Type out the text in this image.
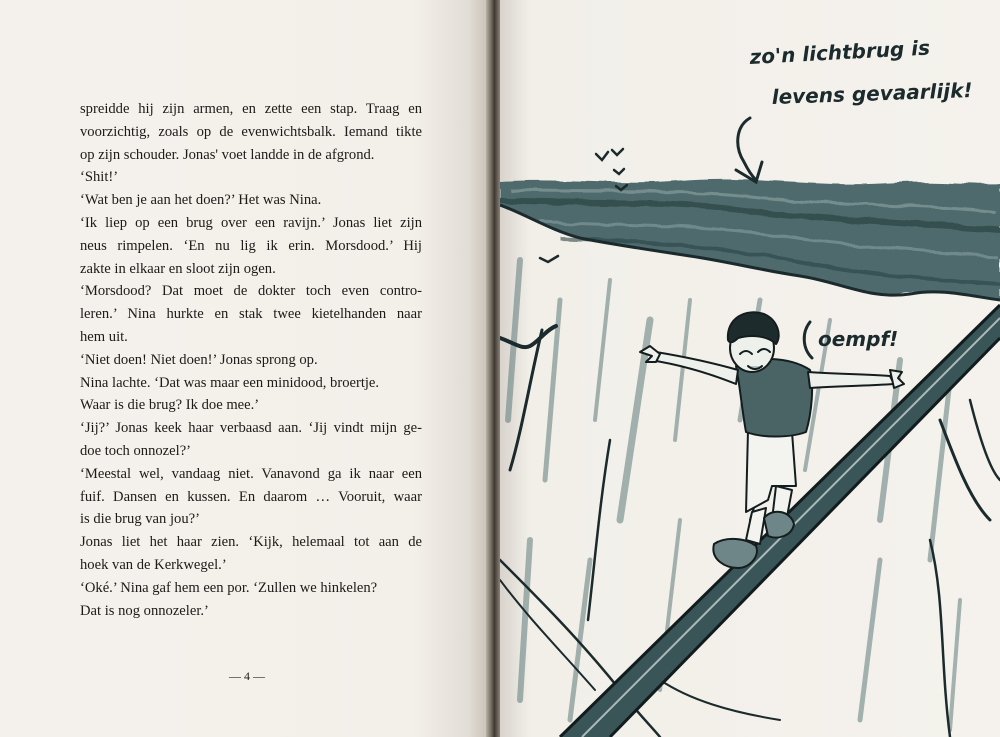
spreidde hij zijn armen, en zette een stap. Traag en
voorzichtig, zoals op de evenwichtsbalk. Iemand tikte
op zijn schouder. Jonas' voet landde in de afgrond.
‘Shit!’
‘Wat ben je aan het doen?’ Het was Nina.
‘Ik liep op een brug over een ravijn.’ Jonas liet zijn
neus rimpelen. ‘En nu lig ik erin. Morsdood.’ Hij
zakte in elkaar en sloot zijn ogen.
‘Morsdood? Dat moet de dokter toch even contro-
leren.’ Nina hurkte en stak twee kietelhanden naar
hem uit.
‘Niet doen! Niet doen!’ Jonas sprong op.
Nina lachte. ‘Dat was maar een minidood, broertje.
Waar is die brug? Ik doe mee.’
‘Jij?’ Jonas keek haar verbaasd aan. ‘Jij vindt mijn ge-
doe toch onnozel?’
‘Meestal wel, vandaag niet. Vanavond ga ik naar een
fuif. Dansen en kussen. En daarom … Vooruit, waar
is die brug van jou?’
Jonas liet het haar zien. ‘Kijk, helemaal tot aan de
hoek van de Kerkwegel.’
‘Oké.’ Nina gaf hem een por. ‘Zullen we hinkelen?
Dat is nog onnozeler.’
— 4 —
zo'n lichtbrug is
levens gevaarlijk!
oempf!
